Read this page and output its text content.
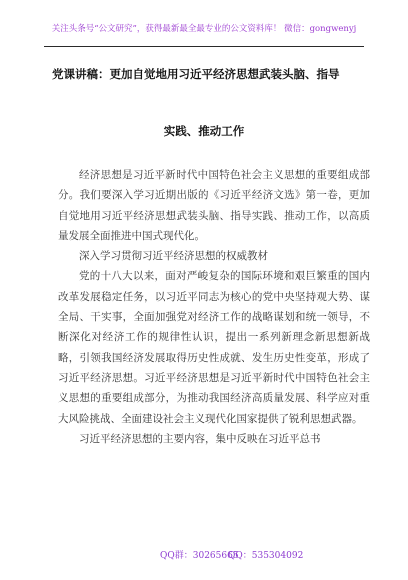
关注头条号“公文研究”，获得最新最全最专业的公文资料库！ 微信：gongwenyj
党课讲稿：更加自觉地用习近平经济思想武装头脑、指导
实践、推动工作

经济思想是习近平新时代中国特色社会主义思想的重要组成部分。我们要深入学习近期出版的《习近平经济文选》第一卷，更加自觉地用习近平经济思想武装头脑、指导实践、推动工作，以高质量发展全面推进中国式现代化。

深入学习贯彻习近平经济思想的权威教材

党的十八大以来，面对严峻复杂的国际环境和艰巨繁重的国内改革发展稳定任务，以习近平同志为核心的党中央坚持观大势、谋全局、干实事，全面加强党对经济工作的战略谋划和统一领导，不断深化对经济工作的规律性认识，提出一系列新理念新思想新战略，引领我国经济发展取得历史性成就、发生历史性变革，形成了习近平经济思想。习近平经济思想是习近平新时代中国特色社会主义思想的重要组成部分，为推动我国经济高质量发展、科学应对重大风险挑战、全面建设社会主义现代化国家提供了锐利思想武器。

习近平经济思想的主要内容，集中反映在习近平总书

QQ群：30265665
QQ：535304092
